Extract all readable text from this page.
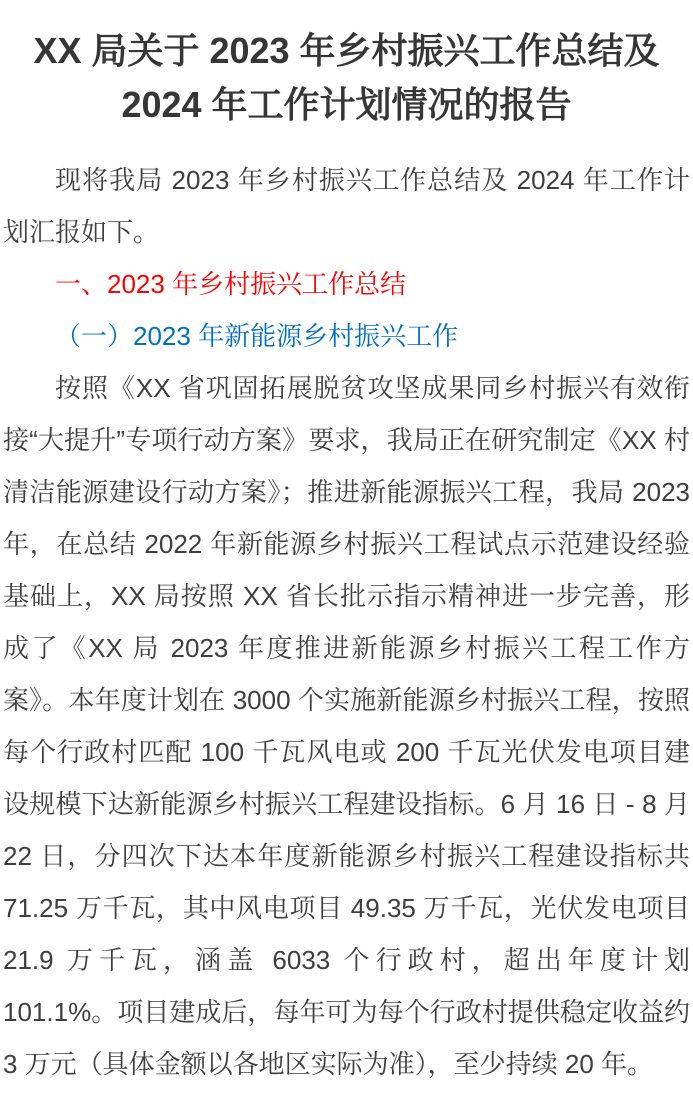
XX 局关于 2023 年乡村振兴工作总结及 2024 年工作计划情况的报告

现将我局 2023 年乡村振兴工作总结及 2024 年工作计划汇报如下。

一、2023 年乡村振兴工作总结
（一）2023 年新能源乡村振兴工作

按照《XX 省巩固拓展脱贫攻坚成果同乡村振兴有效衔接“大提升”专项行动方案》要求，我局正在研究制定《XX 村清洁能源建设行动方案》；推进新能源振兴工程，我局 2023 年，在总结 2022 年新能源乡村振兴工程试点示范建设经验基础上，XX 局按照 XX 省长批示指示精神进一步完善，形成了《XX 局 2023 年度推进新能源乡村振兴工程工作方案》。本年度计划在 3000 个实施新能源乡村振兴工程，按照每个行政村匹配 100 千瓦风电或 200 千瓦光伏发电项目建设规模下达新能源乡村振兴工程建设指标。6 月 16 日 - 8 月 22 日，分四次下达本年度新能源乡村振兴工程建设指标共 71.25 万千瓦，其中风电项目 49.35 万千瓦，光伏发电项目 21.9 万千瓦，涵盖 6033 个行政村，超出年度计划 101.1%。项目建成后，每年可为每个行政村提供稳定收益约 3 万元（具体金额以各地区实际为准），至少持续 20 年。
